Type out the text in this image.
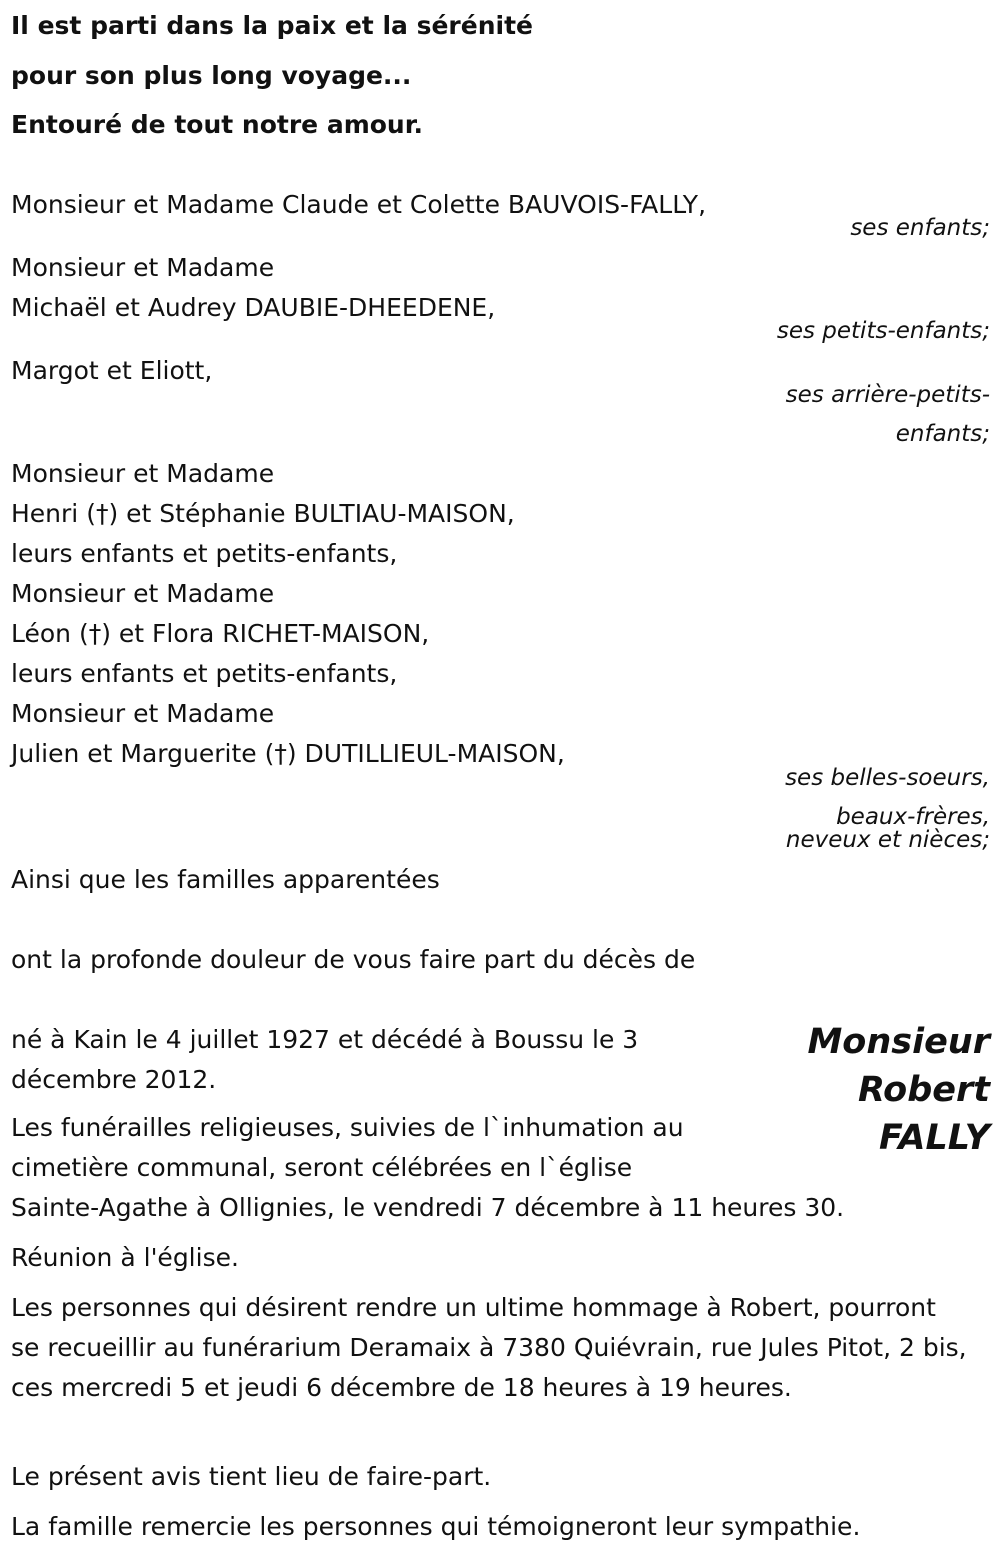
Il est parti dans la paix et la sérénité
pour son plus long voyage...
Entouré de tout notre amour.
Monsieur et Madame Claude et Colette BAUVOIS-FALLY,
ses enfants;
Monsieur et Madame
Michaël et Audrey DAUBIE-DHEEDENE,
ses petits-enfants;
Margot et Eliott,
ses arrière-petits-
enfants;
Monsieur et Madame
Henri (†) et Stéphanie BULTIAU-MAISON,
leurs enfants et petits-enfants,
Monsieur et Madame
Léon (†) et Flora RICHET-MAISON,
leurs enfants et petits-enfants,
Monsieur et Madame
Julien et Marguerite (†) DUTILLIEUL-MAISON,
ses belles-soeurs,
beaux-frères,
neveux et nièces;
Ainsi que les familles apparentées
ont la profonde douleur de vous faire part du décès de
Monsieur
Robert
FALLY
né à Kain le 4 juillet 1927 et décédé à Boussu le 3 décembre 2012.
Les funérailles religieuses, suivies de l`inhumation au
cimetière communal, seront célébrées en l`église
Sainte-Agathe à Ollignies, le vendredi 7 décembre à 11 heures 30.
Réunion à l'église.
Les personnes qui désirent rendre un ultime hommage à Robert, pourront se recueillir au funérarium Deramaix à 7380 Quiévrain, rue Jules Pitot, 2 bis, ces mercredi 5 et jeudi 6 décembre de 18 heures à 19 heures.
Le présent avis tient lieu de faire-part.
La famille remercie les personnes qui témoigneront leur sympathie.
